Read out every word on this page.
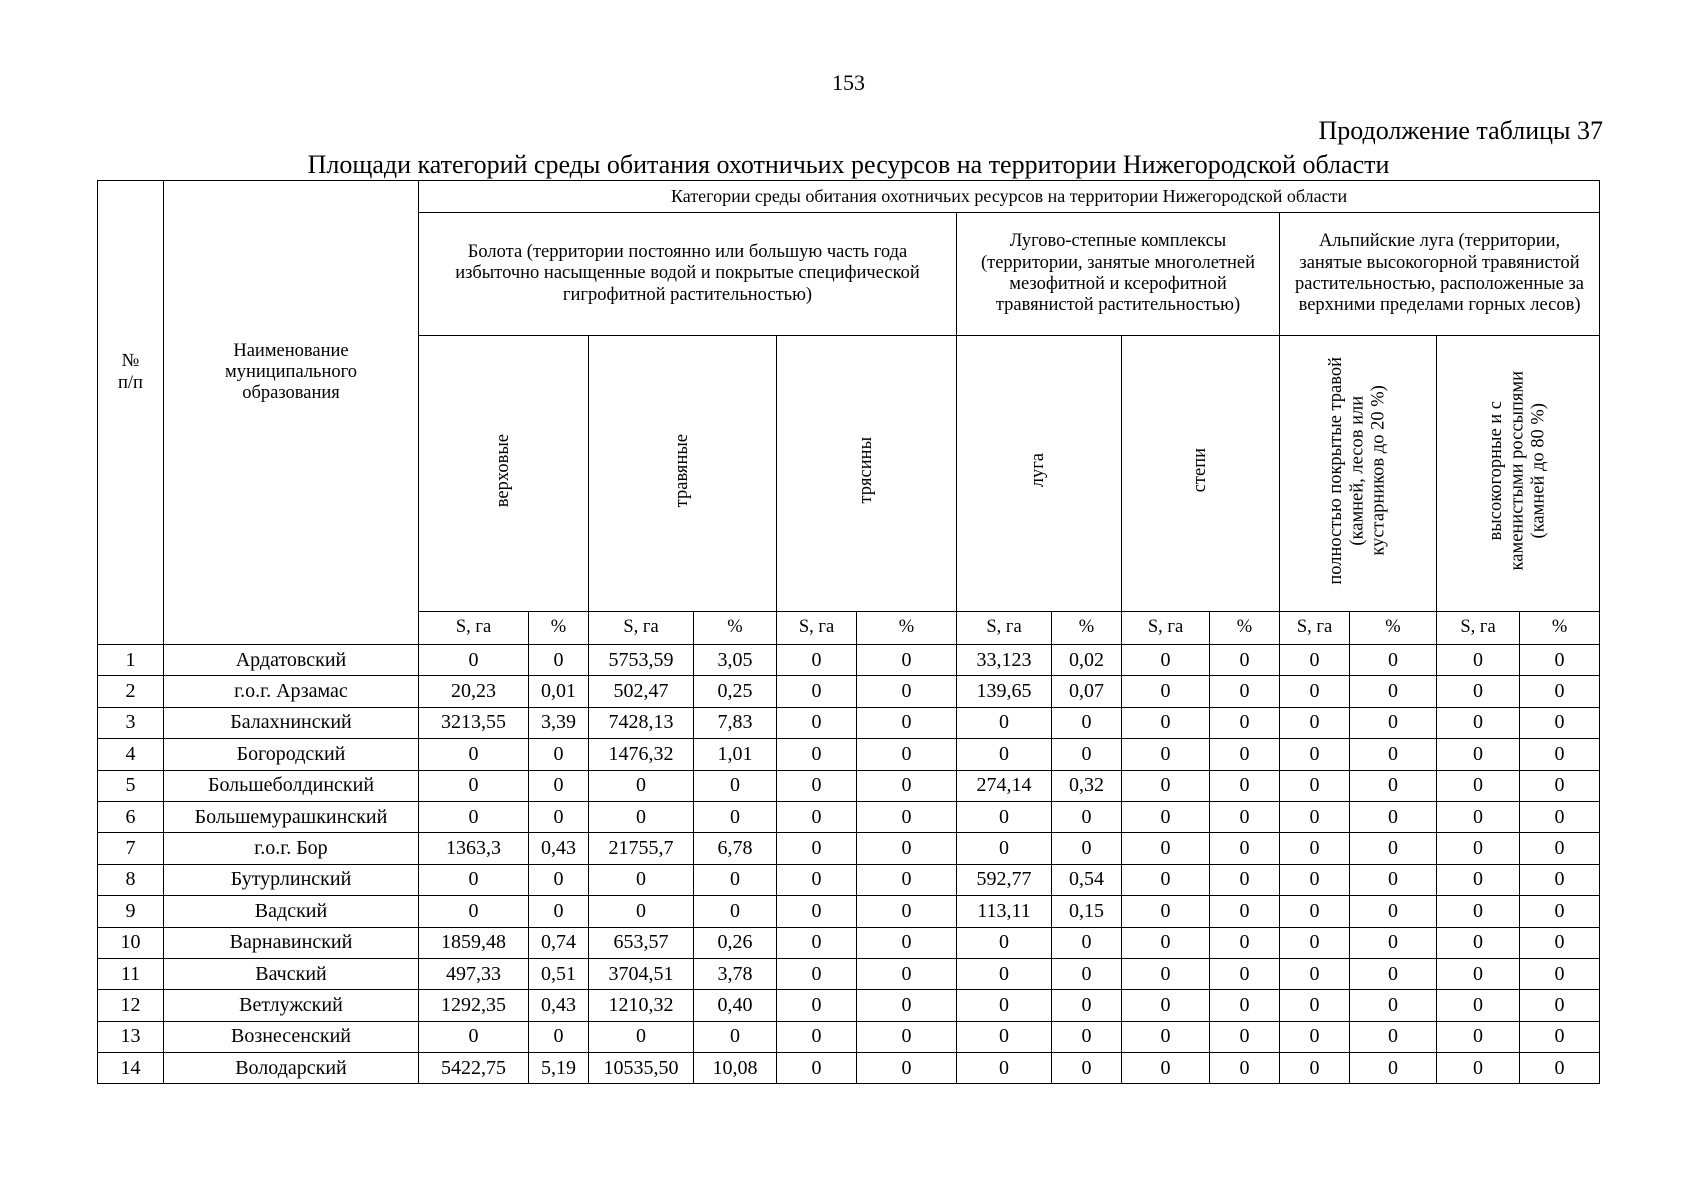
153
Продолжение таблицы 37
Площади категорий среды обитания охотничьих ресурсов на территории Нижегородской области
№
п/п	Наименование
муниципального
образования	Категории среды обитания охотничьих ресурсов на территории Нижегородской области													
		Болота (территории постоянно или большую часть года избыточно насыщенные водой и покрытые специфической гигрофитной растительностью)						Лугово-степные комплексы (территории, занятые многолетней мезофитной и ксерофитной травянистой растительностью)				Альпийские луга (территории, занятые высокогорной травянистой растительностью, расположенные за верхними пределами горных лесов)			
		верховые		травяные		трясины		луга		степи		полностью покрытые травой
(камней, лесов или
кустарников до 20 %)		высокогорные и с
каменистыми россыпями
(камней до 80 %)	
		S, га	%	S, га	%	S, га	%	S, га	%	S, га	%	S, га	%	S, га	%
1	Ардатовский	0	0	5753,59	3,05	0	0	33,123	0,02	0	0	0	0	0	0
2	г.о.г. Арзамас	20,23	0,01	502,47	0,25	0	0	139,65	0,07	0	0	0	0	0	0
3	Балахнинский	3213,55	3,39	7428,13	7,83	0	0	0	0	0	0	0	0	0	0
4	Богородский	0	0	1476,32	1,01	0	0	0	0	0	0	0	0	0	0
5	Большеболдинский	0	0	0	0	0	0	274,14	0,32	0	0	0	0	0	0
6	Большемурашкинский	0	0	0	0	0	0	0	0	0	0	0	0	0	0
7	г.о.г. Бор	1363,3	0,43	21755,7	6,78	0	0	0	0	0	0	0	0	0	0
8	Бутурлинский	0	0	0	0	0	0	592,77	0,54	0	0	0	0	0	0
9	Вадский	0	0	0	0	0	0	113,11	0,15	0	0	0	0	0	0
10	Варнавинский	1859,48	0,74	653,57	0,26	0	0	0	0	0	0	0	0	0	0
11	Вачский	497,33	0,51	3704,51	3,78	0	0	0	0	0	0	0	0	0	0
12	Ветлужский	1292,35	0,43	1210,32	0,40	0	0	0	0	0	0	0	0	0	0
13	Вознесенский	0	0	0	0	0	0	0	0	0	0	0	0	0	0
14	Володарский	5422,75	5,19	10535,50	10,08	0	0	0	0	0	0	0	0	0	0
